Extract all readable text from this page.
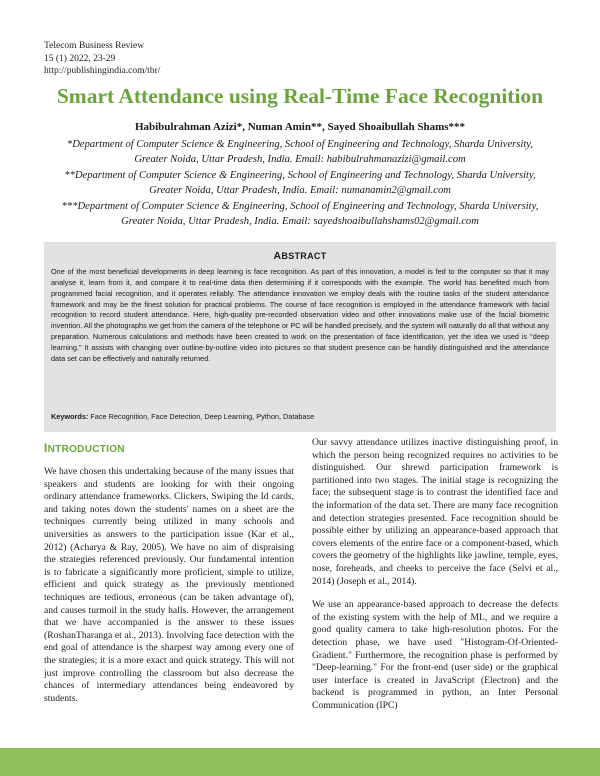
Telecom Business Review
15 (1) 2022, 23-29
http://publishingindia.com/tbr/
Smart Attendance using Real-Time Face Recognition
Habibulrahman Azizi*, Numan Amin**, Sayed Shoaibullah Shams***
*Department of Computer Science & Engineering, School of Engineering and Technology, Sharda University, Greater Noida, Uttar Pradesh, India. Email: habibulrahmanazizi@gmail.com
**Department of Computer Science & Engineering, School of Engineering and Technology, Sharda University, Greater Noida, Uttar Pradesh, India. Email: numanamin2@gmail.com
***Department of Computer Science & Engineering, School of Engineering and Technology, Sharda University, Greater Noida, Uttar Pradesh, India. Email: sayedshoaibullahshams02@gmail.com
ABSTRACT
One of the most beneficial developments in deep learning is face recognition. As part of this innovation, a model is fed to the computer so that it may analyse it, learn from it, and compare it to real-time data then determining if it corresponds with the example. The world has benefited much from programmed facial recognition, and it operates reliably. The attendance innovation we employ deals with the routine tasks of the student attendance framework and may be the finest solution for practical problems. The course of face recognition is employed in the attendance framework with facial recognition to record student attendance. Here, high-quality pre-recorded observation video and other innovations make use of the facial biometric invention. All the photographs we get from the camera of the telephone or PC will be handled precisely, and the system will naturally do all that without any preparation. Numerous calculations and methods have been created to work on the presentation of face identification, yet the idea we used is "deep learning." It assists with changing over outline-by-outline video into pictures so that student presence can be handily distinguished and the attendance data set can be effectively and naturally returned.
Keywords: Face Recognition, Face Detection, Deep Learning, Python, Database
INTRODUCTION

We have chosen this undertaking because of the many issues that speakers and students are looking for with their ongoing ordinary attendance frameworks. Clickers, Swiping the Id cards, and taking notes down the students' names on a sheet are the techniques currently being utilized in many schools and universities as answers to the participation issue (Kar et al., 2012) (Acharya & Ray, 2005). We have no aim of dispraising the strategies referenced previously. Our fundamental intention is to fabricate a significantly more proficient, simple to utilize, efficient and quick strategy as the previously mentioned techniques are tedious, erroneous (can be taken advantage of), and causes turmoil in the study halls. However, the arrangement that we have accompanied is the answer to these issues (RoshanTharanga et al., 2013). Involving face detection with the end goal of attendance is the sharpest way among every one of the strategies; it is a more exact and quick strategy. This will not just improve controlling the classroom but also decrease the chances of intermediary attendances being endeavored by students.

Our savvy attendance utilizes inactive distinguishing proof, in which the person being recognized requires no activities to be distinguished. Our shrewd participation framework is partitioned into two stages. The initial stage is recognizing the face; the subsequent stage is to contrast the identified face and the information of the data set. There are many face recognition and detection strategies presented. Face recognition should be possible either by utilizing an appearance-based approach that covers elements of the entire face or a component-based, which covers the geometry of the highlights like jawline, temple, eyes, nose, foreheads, and cheeks to perceive the face (Selvi et al., 2014) (Joseph et al., 2014).

We use an appearance-based approach to decrease the defects of the existing system with the help of ML, and we require a good quality camera to take high-resolution photos. For the detection phase, we have used "Histogram-Of-Oriented-Gradient." Furthermore, the recognition phase is performed by "Deep-learning." For the front-end (user side) or the graphical user interface is created in JavaScript (Electron) and the backend is programmed in python, an Inter Personal Communication (IPC)
